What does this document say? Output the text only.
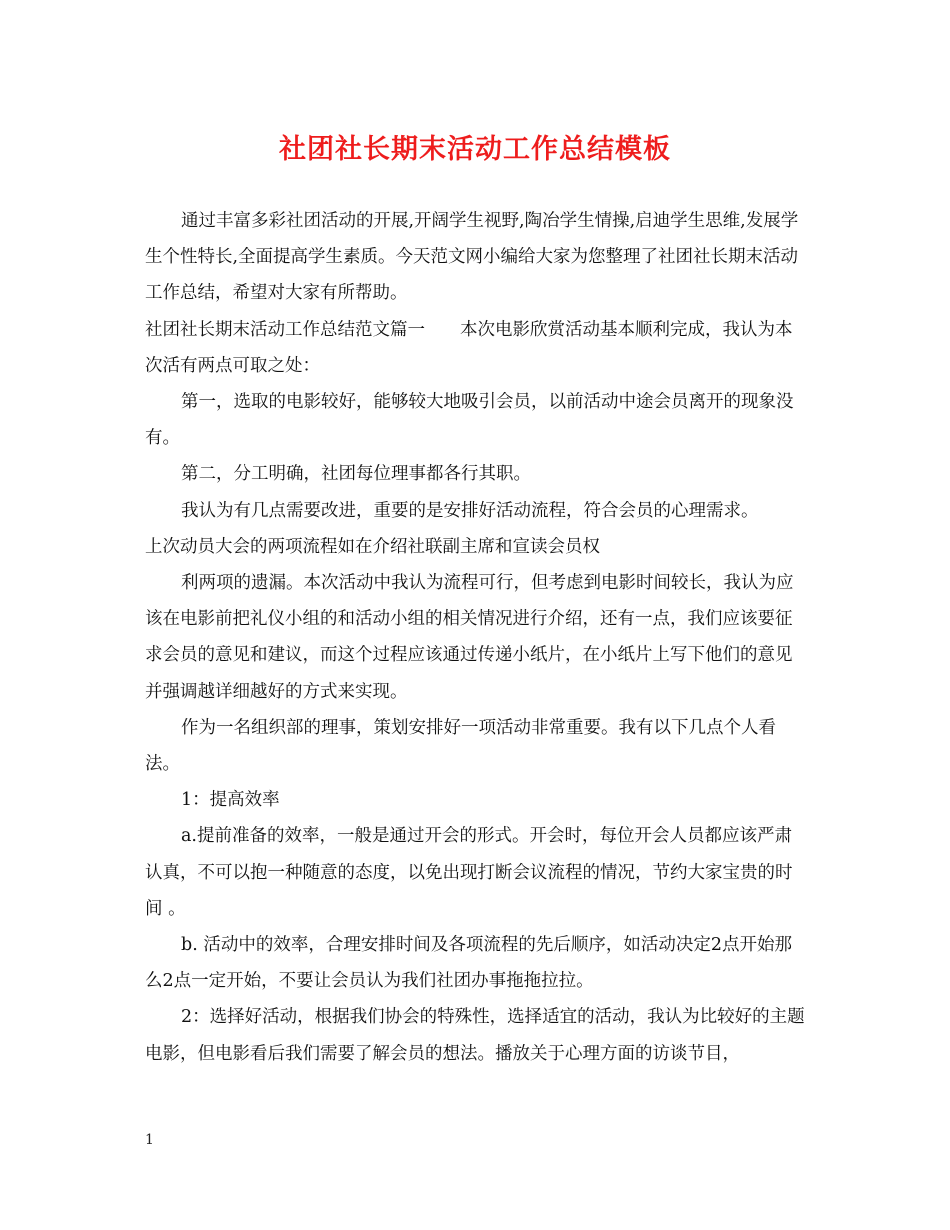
社团社长期末活动工作总结模板

通过丰富多彩社团活动的开展,开阔学生视野,陶冶学生情操,启迪学生思维,发展学生个性特长,全面提高学生素质。今天范文网小编给大家为您整理了社团社长期末活动工作总结，希望对大家有所帮助。

社团社长期末活动工作总结范文篇一　　本次电影欣赏活动基本顺利完成，我认为本次活有两点可取之处：

第一，选取的电影较好，能够较大地吸引会员，以前活动中途会员离开的现象没有。

第二，分工明确，社团每位理事都各行其职。

我认为有几点需要改进，重要的是安排好活动流程，符合会员的心理需求。

上次动员大会的两项流程如在介绍社联副主席和宣读会员权

利两项的遗漏。本次活动中我认为流程可行，但考虑到电影时间较长，我认为应该在电影前把礼仪小组的和活动小组的相关情况进行介绍，还有一点，我们应该要征求会员的意见和建议，而这个过程应该通过传递小纸片，在小纸片上写下他们的意见并强调越详细越好的方式来实现。

作为一名组织部的理事，策划安排好一项活动非常重要。我有以下几点个人看法。

1：提高效率

a.提前准备的效率，一般是通过开会的形式。开会时，每位开会人员都应该严肃认真，不可以抱一种随意的态度，以免出现打断会议流程的情况，节约大家宝贵的时间 。

b. 活动中的效率，合理安排时间及各项流程的先后顺序，如活动决定2点开始那么2点一定开始，不要让会员认为我们社团办事拖拖拉拉。

2：选择好活动，根据我们协会的特殊性，选择适宜的活动，我认为比较好的主题电影，但电影看后我们需要了解会员的想法。播放关于心理方面的访谈节目，

1
